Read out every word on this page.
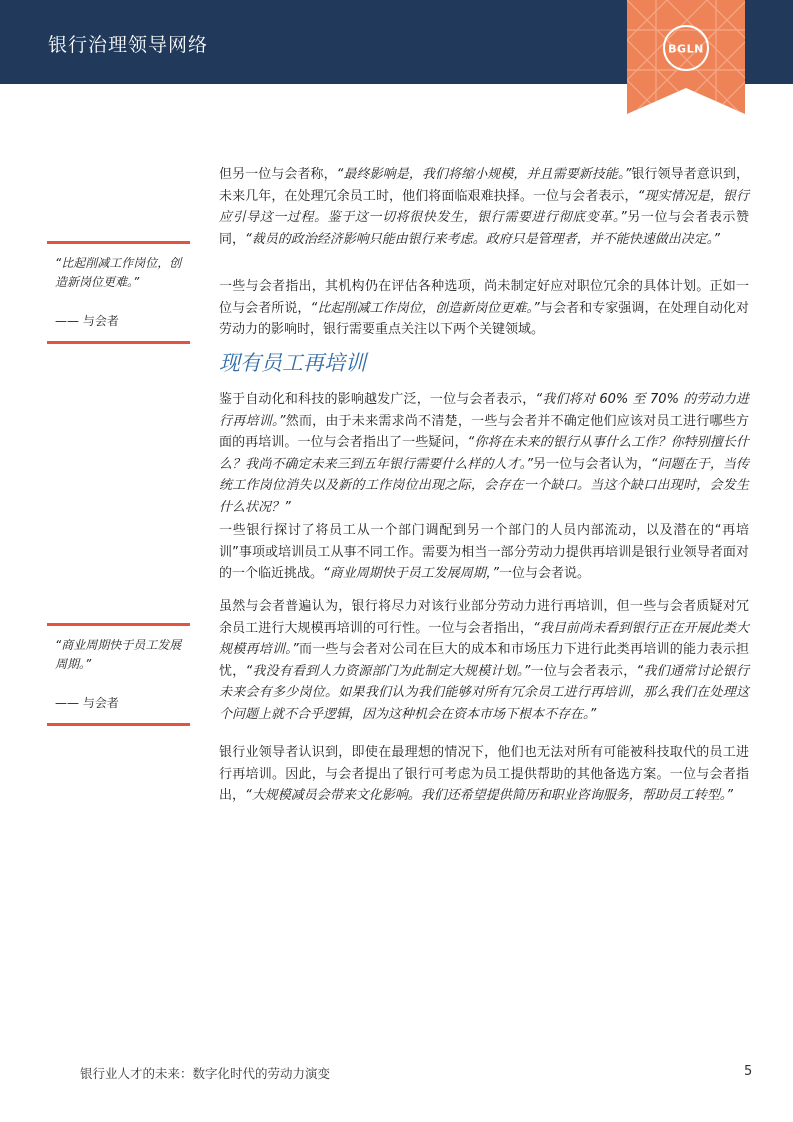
银行治理领导网络	BGLN

但另一位与会者称，“最终影响是，我们将缩小规模，并且需要新技能。”银行领导者意识到，未来几年，在处理冗余员工时，他们将面临艰难抉择。一位与会者表示，“现实情况是，银行应引导这一过程。鉴于这一切将很快发生，银行需要进行彻底变革。”另一位与会者表示赞同，“裁员的政治经济影响只能由银行来考虑。政府只是管理者，并不能快速做出决定。”

一些与会者指出，其机构仍在评估各种选项，尚未制定好应对职位冗余的具体计划。正如一位与会者所说，“比起削减工作岗位，创造新岗位更难。”与会者和专家强调，在处理自动化对劳动力的影响时，银行需要重点关注以下两个关键领域。

现有员工再培训

鉴于自动化和科技的影响越发广泛，一位与会者表示，“我们将对 60% 至 70% 的劳动力进行再培训。”然而，由于未来需求尚不清楚，一些与会者并不确定他们应该对员工进行哪些方面的再培训。一位与会者指出了一些疑问，“你将在未来的银行从事什么工作？你特别擅长什么？我尚不确定未来三到五年银行需要什么样的人才。”另一位与会者认为，“问题在于，当传统工作岗位消失以及新的工作岗位出现之际，会存在一个缺口。当这个缺口出现时，会发生什么状况？”

一些银行探讨了将员工从一个部门调配到另一个部门的人员内部流动，以及潜在的“再培训”事项或培训员工从事不同工作。需要为相当一部分劳动力提供再培训是银行业领导者面对的一个临近挑战。“商业周期快于员工发展周期，”一位与会者说。

虽然与会者普遍认为，银行将尽力对该行业部分劳动力进行再培训，但一些与会者质疑对冗余员工进行大规模再培训的可行性。一位与会者指出，“我目前尚未看到银行正在开展此类大规模再培训。”而一些与会者对公司在巨大的成本和市场压力下进行此类再培训的能力表示担忧，“我没有看到人力资源部门为此制定大规模计划。”一位与会者表示，“我们通常讨论银行未来会有多少岗位。如果我们认为我们能够对所有冗余员工进行再培训，那么我们在处理这个问题上就不合乎逻辑，因为这种机会在资本市场下根本不存在。”

银行业领导者认识到，即使在最理想的情况下，他们也无法对所有可能被科技取代的员工进行再培训。因此，与会者提出了银行可考虑为员工提供帮助的其他备选方案。一位与会者指出，“大规模减员会带来文化影响。我们还希望提供简历和职业咨询服务，帮助员工转型。”

“比起削减工作岗位，创造新岗位更难。”
—— 与会者
“商业周期快于员工发展周期。”
—— 与会者
银行业人才的未来：数字化时代的劳动力演变	5
